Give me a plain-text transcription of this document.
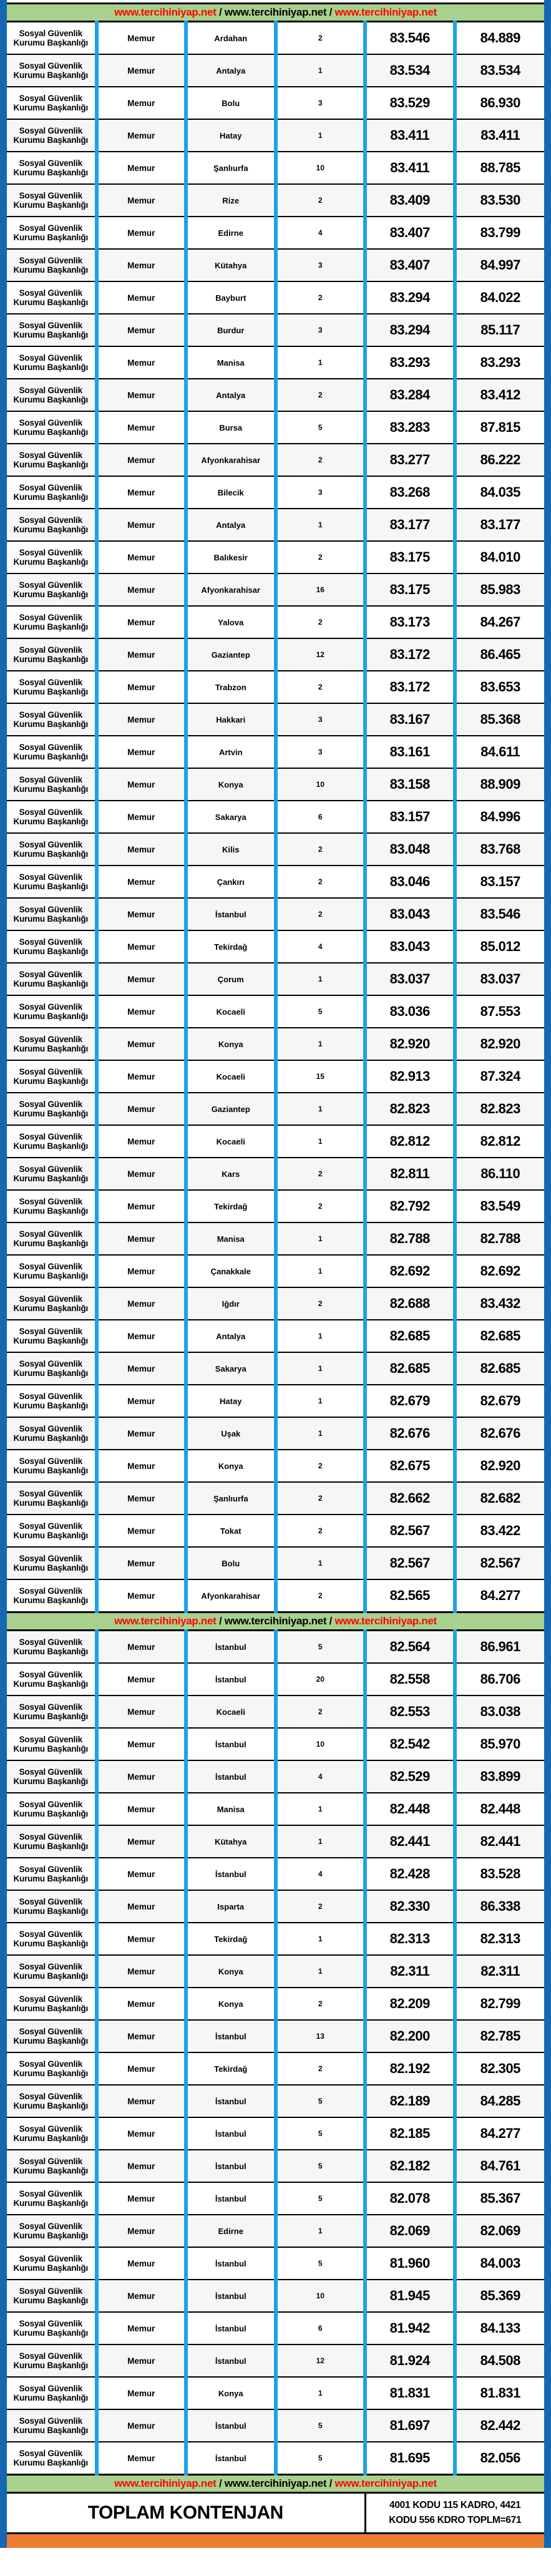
www.tercihiniyap.net / www.tercihiniyap.net / www.tercihiniyap.net					
Sosyal Güvenlik Kurumu Başkanlığı	Memur	Ardahan	2	83.546	84.889
Sosyal Güvenlik Kurumu Başkanlığı	Memur	Antalya	1	83.534	83.534
Sosyal Güvenlik Kurumu Başkanlığı	Memur	Bolu	3	83.529	86.930
Sosyal Güvenlik Kurumu Başkanlığı	Memur	Hatay	1	83.411	83.411
Sosyal Güvenlik Kurumu Başkanlığı	Memur	Şanlıurfa	10	83.411	88.785
Sosyal Güvenlik Kurumu Başkanlığı	Memur	Rize	2	83.409	83.530
Sosyal Güvenlik Kurumu Başkanlığı	Memur	Edirne	4	83.407	83.799
Sosyal Güvenlik Kurumu Başkanlığı	Memur	Kütahya	3	83.407	84.997
Sosyal Güvenlik Kurumu Başkanlığı	Memur	Bayburt	2	83.294	84.022
Sosyal Güvenlik Kurumu Başkanlığı	Memur	Burdur	3	83.294	85.117
Sosyal Güvenlik Kurumu Başkanlığı	Memur	Manisa	1	83.293	83.293
Sosyal Güvenlik Kurumu Başkanlığı	Memur	Antalya	2	83.284	83.412
Sosyal Güvenlik Kurumu Başkanlığı	Memur	Bursa	5	83.283	87.815
Sosyal Güvenlik Kurumu Başkanlığı	Memur	Afyonkarahisar	2	83.277	86.222
Sosyal Güvenlik Kurumu Başkanlığı	Memur	Bilecik	3	83.268	84.035
Sosyal Güvenlik Kurumu Başkanlığı	Memur	Antalya	1	83.177	83.177
Sosyal Güvenlik Kurumu Başkanlığı	Memur	Balıkesir	2	83.175	84.010
Sosyal Güvenlik Kurumu Başkanlığı	Memur	Afyonkarahisar	16	83.175	85.983
Sosyal Güvenlik Kurumu Başkanlığı	Memur	Yalova	2	83.173	84.267
Sosyal Güvenlik Kurumu Başkanlığı	Memur	Gaziantep	12	83.172	86.465
Sosyal Güvenlik Kurumu Başkanlığı	Memur	Trabzon	2	83.172	83.653
Sosyal Güvenlik Kurumu Başkanlığı	Memur	Hakkari	3	83.167	85.368
Sosyal Güvenlik Kurumu Başkanlığı	Memur	Artvin	3	83.161	84.611
Sosyal Güvenlik Kurumu Başkanlığı	Memur	Konya	10	83.158	88.909
Sosyal Güvenlik Kurumu Başkanlığı	Memur	Sakarya	6	83.157	84.996
Sosyal Güvenlik Kurumu Başkanlığı	Memur	Kilis	2	83.048	83.768
Sosyal Güvenlik Kurumu Başkanlığı	Memur	Çankırı	2	83.046	83.157
Sosyal Güvenlik Kurumu Başkanlığı	Memur	İstanbul	2	83.043	83.546
Sosyal Güvenlik Kurumu Başkanlığı	Memur	Tekirdağ	4	83.043	85.012
Sosyal Güvenlik Kurumu Başkanlığı	Memur	Çorum	1	83.037	83.037
Sosyal Güvenlik Kurumu Başkanlığı	Memur	Kocaeli	5	83.036	87.553
Sosyal Güvenlik Kurumu Başkanlığı	Memur	Konya	1	82.920	82.920
Sosyal Güvenlik Kurumu Başkanlığı	Memur	Kocaeli	15	82.913	87.324
Sosyal Güvenlik Kurumu Başkanlığı	Memur	Gaziantep	1	82.823	82.823
Sosyal Güvenlik Kurumu Başkanlığı	Memur	Kocaeli	1	82.812	82.812
Sosyal Güvenlik Kurumu Başkanlığı	Memur	Kars	2	82.811	86.110
Sosyal Güvenlik Kurumu Başkanlığı	Memur	Tekirdağ	2	82.792	83.549
Sosyal Güvenlik Kurumu Başkanlığı	Memur	Manisa	1	82.788	82.788
Sosyal Güvenlik Kurumu Başkanlığı	Memur	Çanakkale	1	82.692	82.692
Sosyal Güvenlik Kurumu Başkanlığı	Memur	Iğdır	2	82.688	83.432
Sosyal Güvenlik Kurumu Başkanlığı	Memur	Antalya	1	82.685	82.685
Sosyal Güvenlik Kurumu Başkanlığı	Memur	Sakarya	1	82.685	82.685
Sosyal Güvenlik Kurumu Başkanlığı	Memur	Hatay	1	82.679	82.679
Sosyal Güvenlik Kurumu Başkanlığı	Memur	Uşak	1	82.676	82.676
Sosyal Güvenlik Kurumu Başkanlığı	Memur	Konya	2	82.675	82.920
Sosyal Güvenlik Kurumu Başkanlığı	Memur	Şanlıurfa	2	82.662	82.682
Sosyal Güvenlik Kurumu Başkanlığı	Memur	Tokat	2	82.567	83.422
Sosyal Güvenlik Kurumu Başkanlığı	Memur	Bolu	1	82.567	82.567
Sosyal Güvenlik Kurumu Başkanlığı	Memur	Afyonkarahisar	2	82.565	84.277
www.tercihiniyap.net / www.tercihiniyap.net / www.tercihiniyap.net					
Sosyal Güvenlik Kurumu Başkanlığı	Memur	İstanbul	5	82.564	86.961
Sosyal Güvenlik Kurumu Başkanlığı	Memur	İstanbul	20	82.558	86.706
Sosyal Güvenlik Kurumu Başkanlığı	Memur	Kocaeli	2	82.553	83.038
Sosyal Güvenlik Kurumu Başkanlığı	Memur	İstanbul	10	82.542	85.970
Sosyal Güvenlik Kurumu Başkanlığı	Memur	İstanbul	4	82.529	83.899
Sosyal Güvenlik Kurumu Başkanlığı	Memur	Manisa	1	82.448	82.448
Sosyal Güvenlik Kurumu Başkanlığı	Memur	Kütahya	1	82.441	82.441
Sosyal Güvenlik Kurumu Başkanlığı	Memur	İstanbul	4	82.428	83.528
Sosyal Güvenlik Kurumu Başkanlığı	Memur	Isparta	2	82.330	86.338
Sosyal Güvenlik Kurumu Başkanlığı	Memur	Tekirdağ	1	82.313	82.313
Sosyal Güvenlik Kurumu Başkanlığı	Memur	Konya	1	82.311	82.311
Sosyal Güvenlik Kurumu Başkanlığı	Memur	Konya	2	82.209	82.799
Sosyal Güvenlik Kurumu Başkanlığı	Memur	İstanbul	13	82.200	82.785
Sosyal Güvenlik Kurumu Başkanlığı	Memur	Tekirdağ	2	82.192	82.305
Sosyal Güvenlik Kurumu Başkanlığı	Memur	İstanbul	5	82.189	84.285
Sosyal Güvenlik Kurumu Başkanlığı	Memur	İstanbul	5	82.185	84.277
Sosyal Güvenlik Kurumu Başkanlığı	Memur	İstanbul	5	82.182	84.761
Sosyal Güvenlik Kurumu Başkanlığı	Memur	İstanbul	5	82.078	85.367
Sosyal Güvenlik Kurumu Başkanlığı	Memur	Edirne	1	82.069	82.069
Sosyal Güvenlik Kurumu Başkanlığı	Memur	İstanbul	5	81.960	84.003
Sosyal Güvenlik Kurumu Başkanlığı	Memur	İstanbul	10	81.945	85.369
Sosyal Güvenlik Kurumu Başkanlığı	Memur	İstanbul	6	81.942	84.133
Sosyal Güvenlik Kurumu Başkanlığı	Memur	İstanbul	12	81.924	84.508
Sosyal Güvenlik Kurumu Başkanlığı	Memur	Konya	1	81.831	81.831
Sosyal Güvenlik Kurumu Başkanlığı	Memur	İstanbul	5	81.697	82.442
Sosyal Güvenlik Kurumu Başkanlığı	Memur	İstanbul	5	81.695	82.056
www.tercihiniyap.net / www.tercihiniyap.net / www.tercihiniyap.net					
TOPLAM KONTENJAN				4001 KODU 115 KADRO, 4421
KODU 556 KDRO TOPLM=671	
